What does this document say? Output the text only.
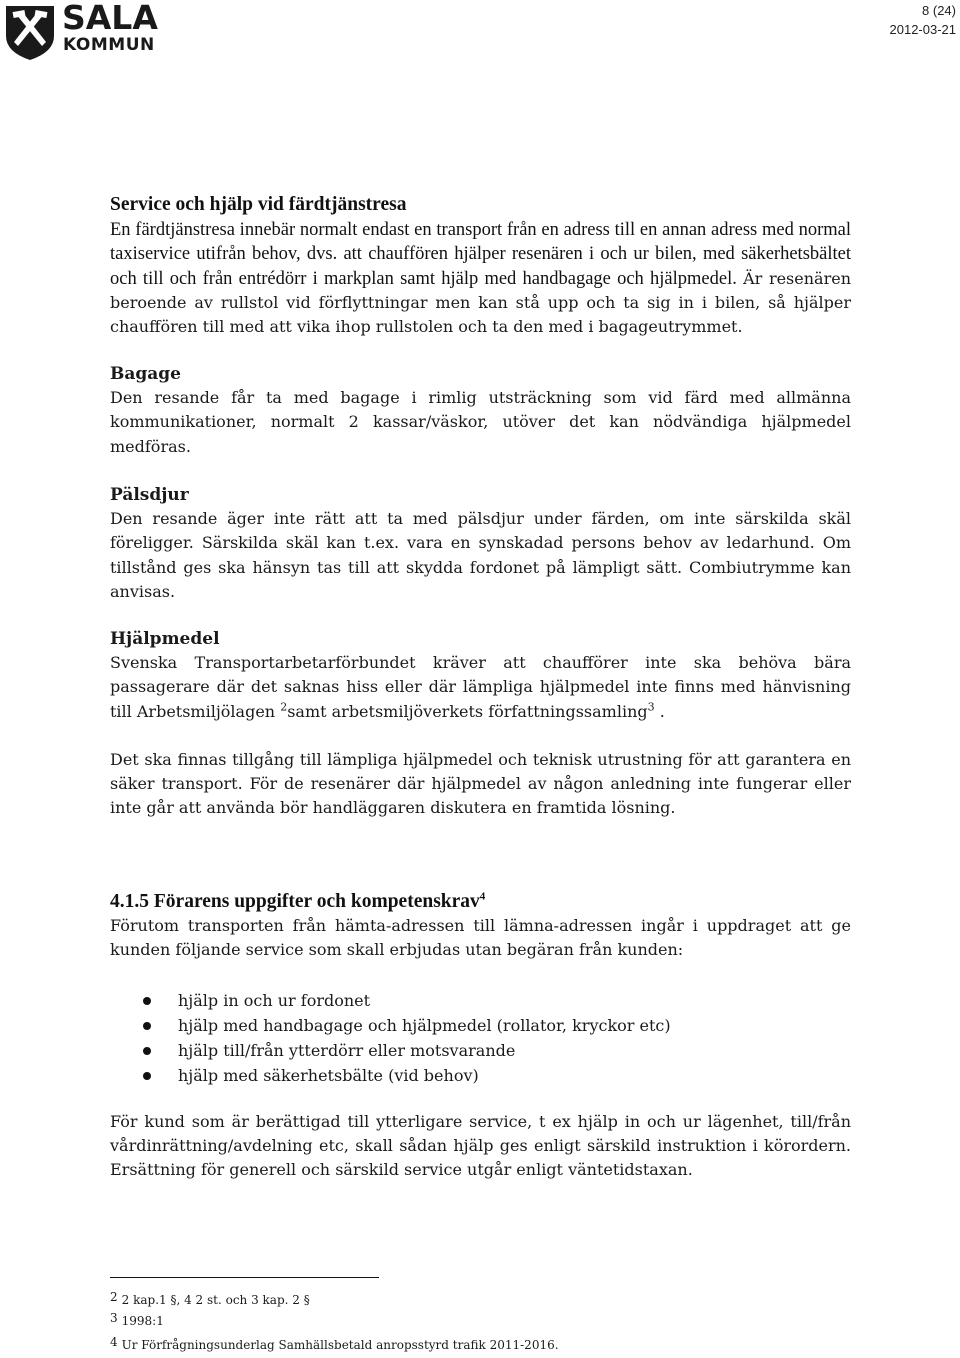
SALA
KOMMUN
8 (24)
2012-03-21
Service och hjälp vid färdtjänstresa

En färdtjänstresa innebär normalt endast en transport från en adress till en annan adress med normal taxiservice utifrån behov, dvs. att chauffören hjälper resenären i och ur bilen, med säkerhetsbältet och till och från entrédörr i markplan samt hjälp med handbagage och hjälpmedel. Är resenären beroende av rullstol vid förflyttningar men kan stå upp och ta sig in i bilen, så hjälper chauffören till med att vika ihop rullstolen och ta den med i bagageutrymmet.

Bagage

Den resande får ta med bagage i rimlig utsträckning som vid färd med allmänna kommunikationer, normalt 2 kassar/väskor, utöver det kan nödvändiga hjälpmedel medföras.

Pälsdjur

Den resande äger inte rätt att ta med pälsdjur under färden, om inte särskilda skäl föreligger. Särskilda skäl kan t.ex. vara en synskadad persons behov av ledarhund. Om tillstånd ges ska hänsyn tas till att skydda fordonet på lämpligt sätt. Combiutrymme kan anvisas.

Hjälpmedel

Svenska Transportarbetarförbundet kräver att chaufförer inte ska behöva bära passagerare där det saknas hiss eller där lämpliga hjälpmedel inte finns med hänvisning till Arbetsmiljölagen $^2$samt arbetsmiljöverkets författningssamling$^3$ .

Det ska finnas tillgång till lämpliga hjälpmedel och teknisk utrustning för att garantera en säker transport. För de resenärer där hjälpmedel av någon anledning inte fungerar eller inte går att använda bör handläggaren diskutera en framtida lösning.

4.1.5 Förarens uppgifter och kompetenskrav$^4$

Förutom transporten från hämta-adressen till lämna-adressen ingår i uppdraget att ge kunden följande service som skall erbjudas utan begäran från kunden:

hjälp in och ur fordonet
hjälp med handbagage och hjälpmedel (rollator, kryckor etc)
hjälp till/från ytterdörr eller motsvarande
hjälp med säkerhetsbälte (vid behov)

För kund som är berättigad till ytterligare service, t ex hjälp in och ur lägenhet, till/från vårdinrättning/avdelning etc, skall sådan hjälp ges enligt särskild instruktion i körordern. Ersättning för generell och särskild service utgår enligt väntetidstaxan.

2 2 kap.1 §, 4 2 st. och 3 kap. 2 §
3 1998:1
4 Ur Förfrågningsunderlag Samhällsbetald anropsstyrd trafik 2011-2016.
